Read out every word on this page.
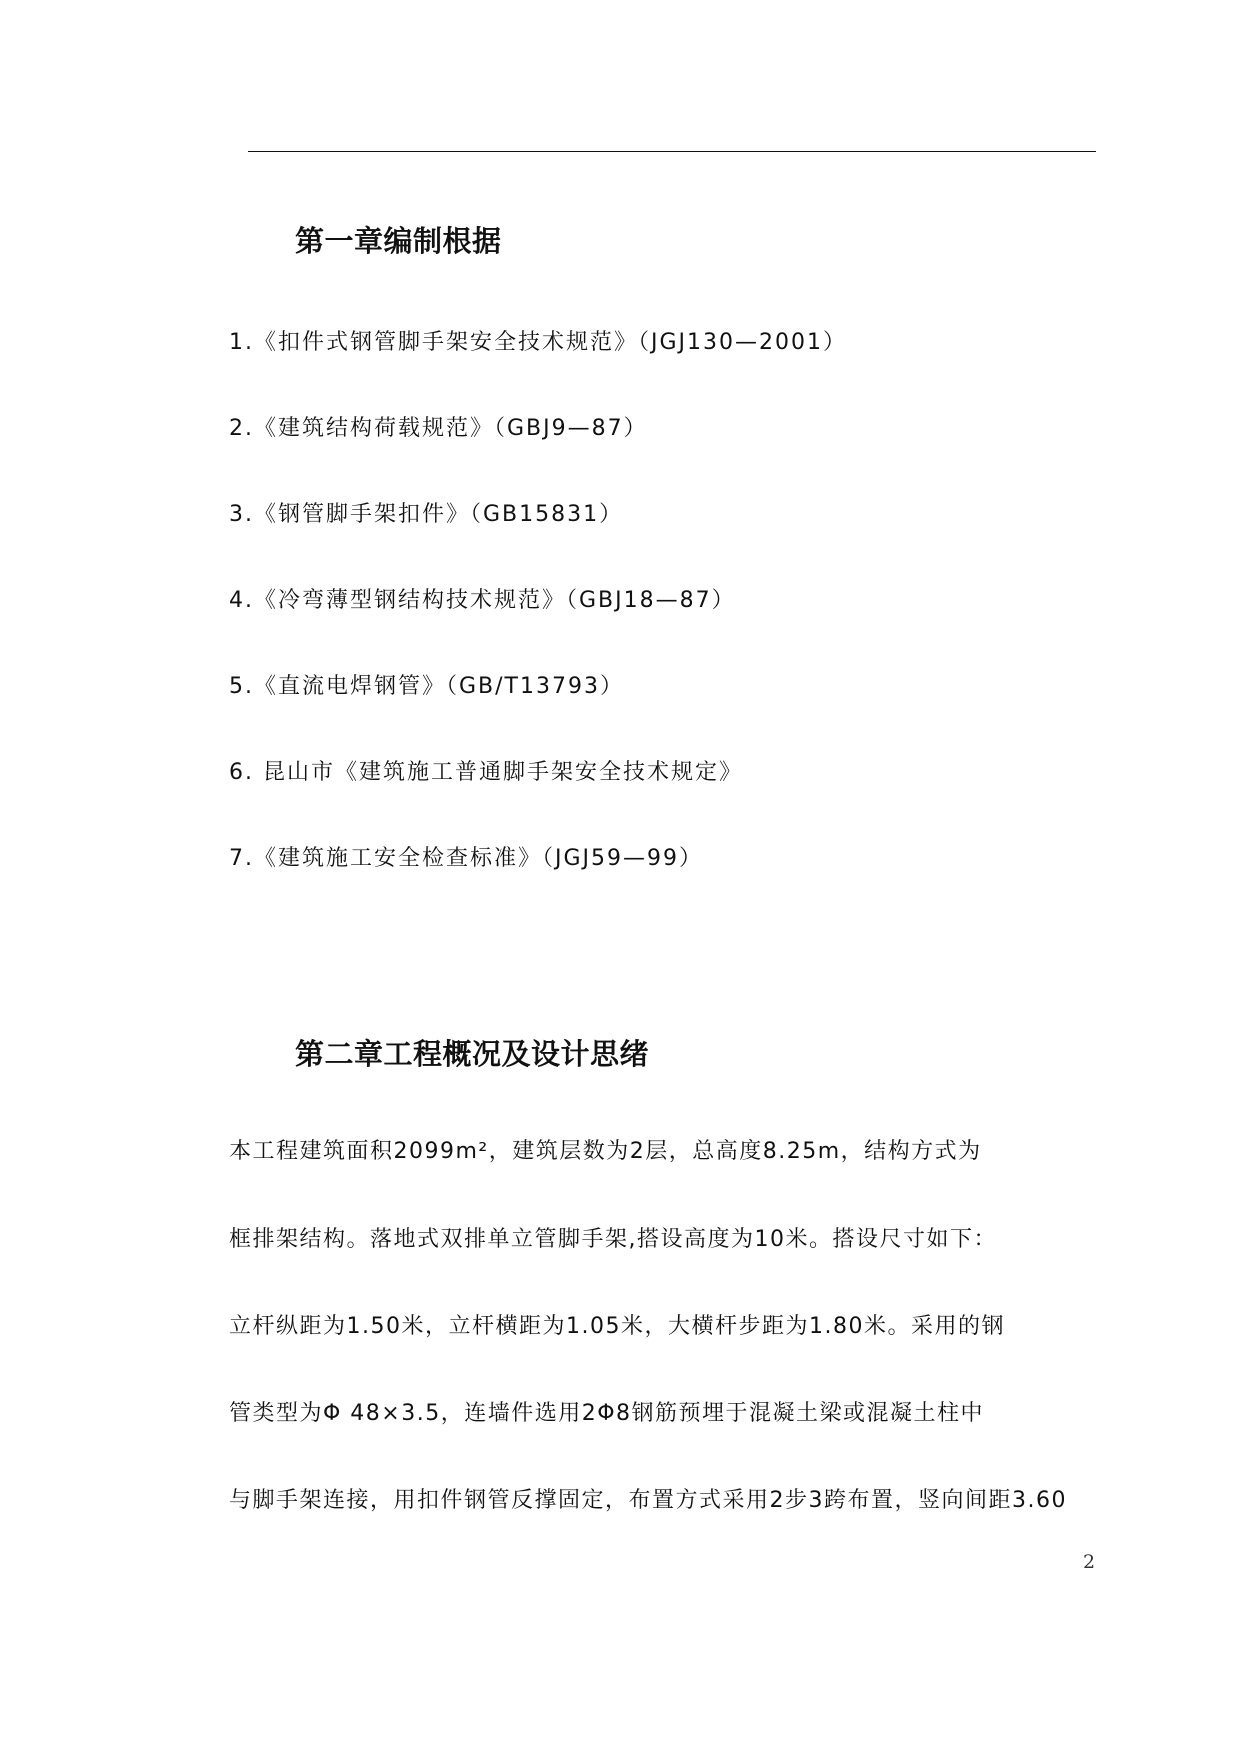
第一章编制根据

1.《扣件式钢管脚手架安全技术规范》（JGJ130—2001）

2.《建筑结构荷载规范》（GBJ9—87）

3.《钢管脚手架扣件》（GB15831）

4.《冷弯薄型钢结构技术规范》（GBJ18—87）

5.《直流电焊钢管》（GB/T13793）

6. 昆山市《建筑施工普通脚手架安全技术规定》

7.《建筑施工安全检查标准》（JGJ59—99）

第二章工程概况及设计思绪

本工程建筑面积2099m²，建筑层数为2层，总高度8.25m，结构方式为

框排架结构。落地式双排单立管脚手架,搭设高度为10米。搭设尺寸如下：

立杆纵距为1.50米，立杆横距为1.05米，大横杆步距为1.80米。采用的钢

管类型为Φ 48×3.5，连墙件选用2Φ8钢筋预埋于混凝土梁或混凝土柱中

与脚手架连接，用扣件钢管反撑固定，布置方式采用2步3跨布置，竖向间距3.60

2
